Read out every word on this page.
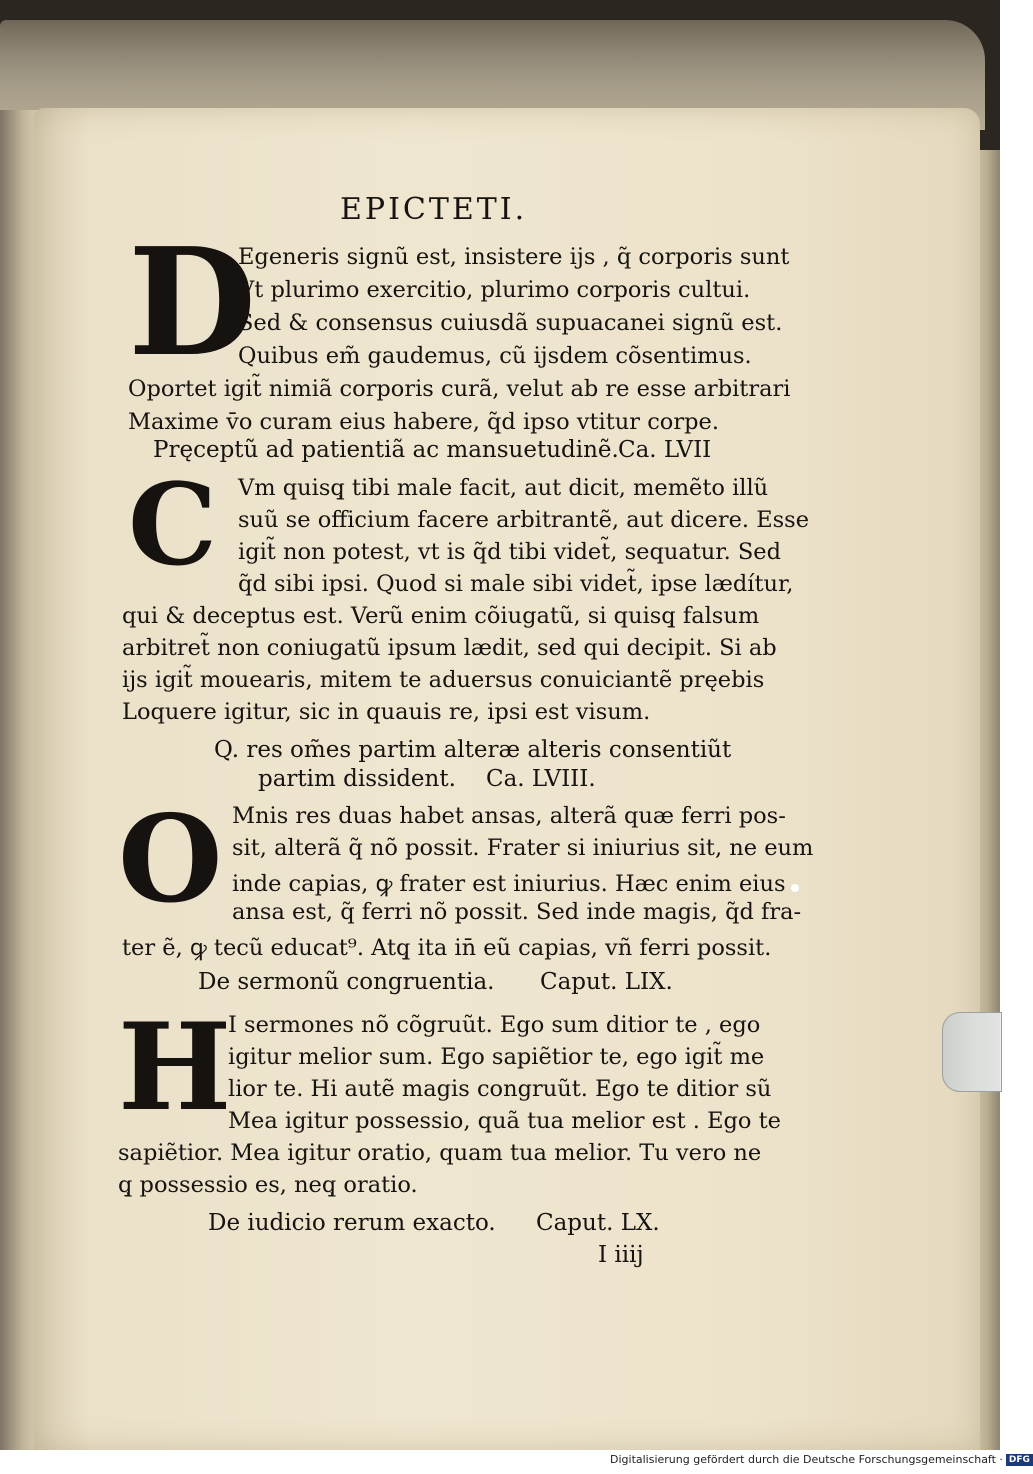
EPICTETI.
D
Egeneris signũ est, insistere ijs , q̃ corporis sunt
Vt plurimo exercitio, plurimo corporis cultui.
Sed & consensus cuiusdã supuacanei signũ est.
Quibus em̃ gaudemus, cũ ijsdem cõsentimus.
Oportet igit̃ nimiã corporis curã, velut ab re esse arbitrari
Maxime v̄o curam eius habere, q̃d ipso vtitur corpe.
Pręceptũ ad patientiã ac mansuetudinẽ. Ca. LVII
C Vm quisq̧ tibi male facit, aut dicit, memẽto illũ
suũ se officium facere arbitrantẽ, aut dicere. Esse
igit̃ non potest, vt is q̃d tibi videt̃, sequatur. Sed
q̃d sibi ipsi. Quod si male sibi videt̃, ipse lædítur,
qui & deceptus est. Verũ enim cõiugatũ, si quisq̧ falsum
arbitret̃ non coniugatũ ipsum lædit, sed qui decipit. Si ab
ijs igit̃ mouearis, mitem te aduersus conuiciantẽ pręebis
Loquere igitur, sic in quauis re, ipsi est visum.
Q. res om̃es partim alteræ alteris consentiũt
partim dissident. Ca. LVIII.
O Mnis res duas habet ansas, alterã quæ ferri pos-
sit, alterã q̃ nõ possit. Frater si iniurius sit, ne eum
inde capias, ꝙ frater est iniurius. Hæc enim eius
ansa est, q̃ ferri nõ possit. Sed inde magis, q̃d fra-
ter ẽ, ꝙ tecũ educat⁹. Atq̧ ita in̄ eũ capias, vñ ferri possit.
De sermonũ congruentia. Caput. LIX.
H
I sermones nõ cõgruũt. Ego sum ditior te , ego
igitur melior sum. Ego sapiẽtior te, ego igit̃ me
lior te. Hi autẽ magis congruũt. Ego te ditior sũ
Mea igitur possessio, quã tua melior est . Ego te
sapiẽtior. Mea igitur oratio, quam tua melior. Tu vero ne
q̧ possessio es, neq̧ oratio.
De iudicio rerum exacto. Caput. LX.
I iiij
Digitalisierung gefördert durch die Deutsche Forschungsgemeinschaft · DFG
